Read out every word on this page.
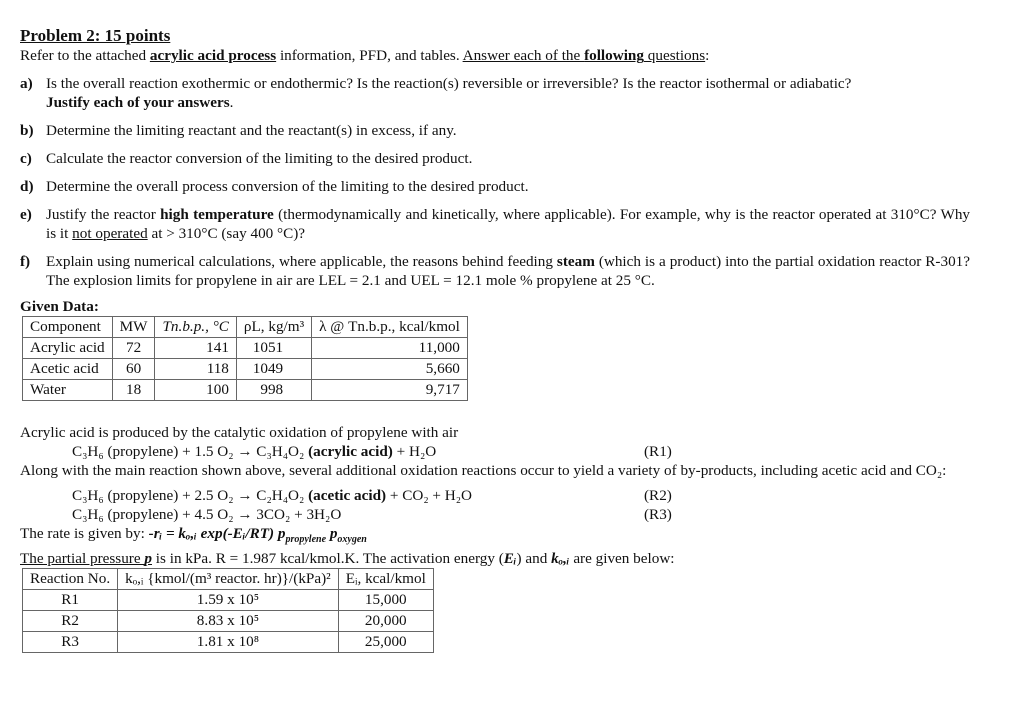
Problem 2: 15 points
Refer to the attached acrylic acid process information, PFD, and tables. Answer each of the following questions:
a) Is the overall reaction exothermic or endothermic? Is the reaction(s) reversible or irreversible? Is the reactor isothermal or adiabatic?
Justify each of your answers.
b) Determine the limiting reactant and the reactant(s) in excess, if any.
c) Calculate the reactor conversion of the limiting to the desired product.
d) Determine the overall process conversion of the limiting to the desired product.
e) Justify the reactor high temperature (thermodynamically and kinetically, where applicable). For example, why is the reactor operated at 310°C? Why is it not operated at > 310°C (say 400 °C)?
f)	Explain using numerical calculations, where applicable, the reasons behind feeding steam (which is a product) into the partial oxidation reactor R-301? The explosion limits for propylene in air are LEL = 2.1 and UEL = 12.1 mole % propylene at 25 °C.
Given Data:
Component	MW	Tn.b.p., °C	ρL, kg/m³	λ @ Tn.b.p., kcal/kmol
Acrylic acid	72	141	1051	11,000
Acetic acid	60	118	1049	5,660
Water	18	100	998	9,717
Acrylic acid is produced by the catalytic oxidation of propylene with air
C₃H₆ (propylene) + 1.5 O₂ → C₃H₄O₂ (acrylic acid) + H₂O	(R1)
Along with the main reaction shown above, several additional oxidation reactions occur to yield a variety of by-products, including acetic acid and CO₂:
C₃H₆ (propylene) + 2.5 O₂ → C₂H₄O₂ (acetic acid) + CO₂ + H₂O	(R2)
C₃H₆ (propylene) + 4.5 O₂ → 3CO₂ + 3H₂O	(R3)
The rate is given by: -rᵢ = kₒ,ᵢ exp(-Eᵢ/RT) $p_{propylene}$ $p_{oxygen}$
The partial pressure p is in kPa. R = 1.987 kcal/kmol.K. The activation energy (Eᵢ) and kₒ,ᵢ are given below:
Reaction No.	kₒ,ᵢ {kmol/(m³ reactor. hr)}/(kPa)²	Eᵢ, kcal/kmol
R1	1.59 x 10⁵	15,000
R2	8.83 x 10⁵	20,000
R3	1.81 x 10⁸	25,000
